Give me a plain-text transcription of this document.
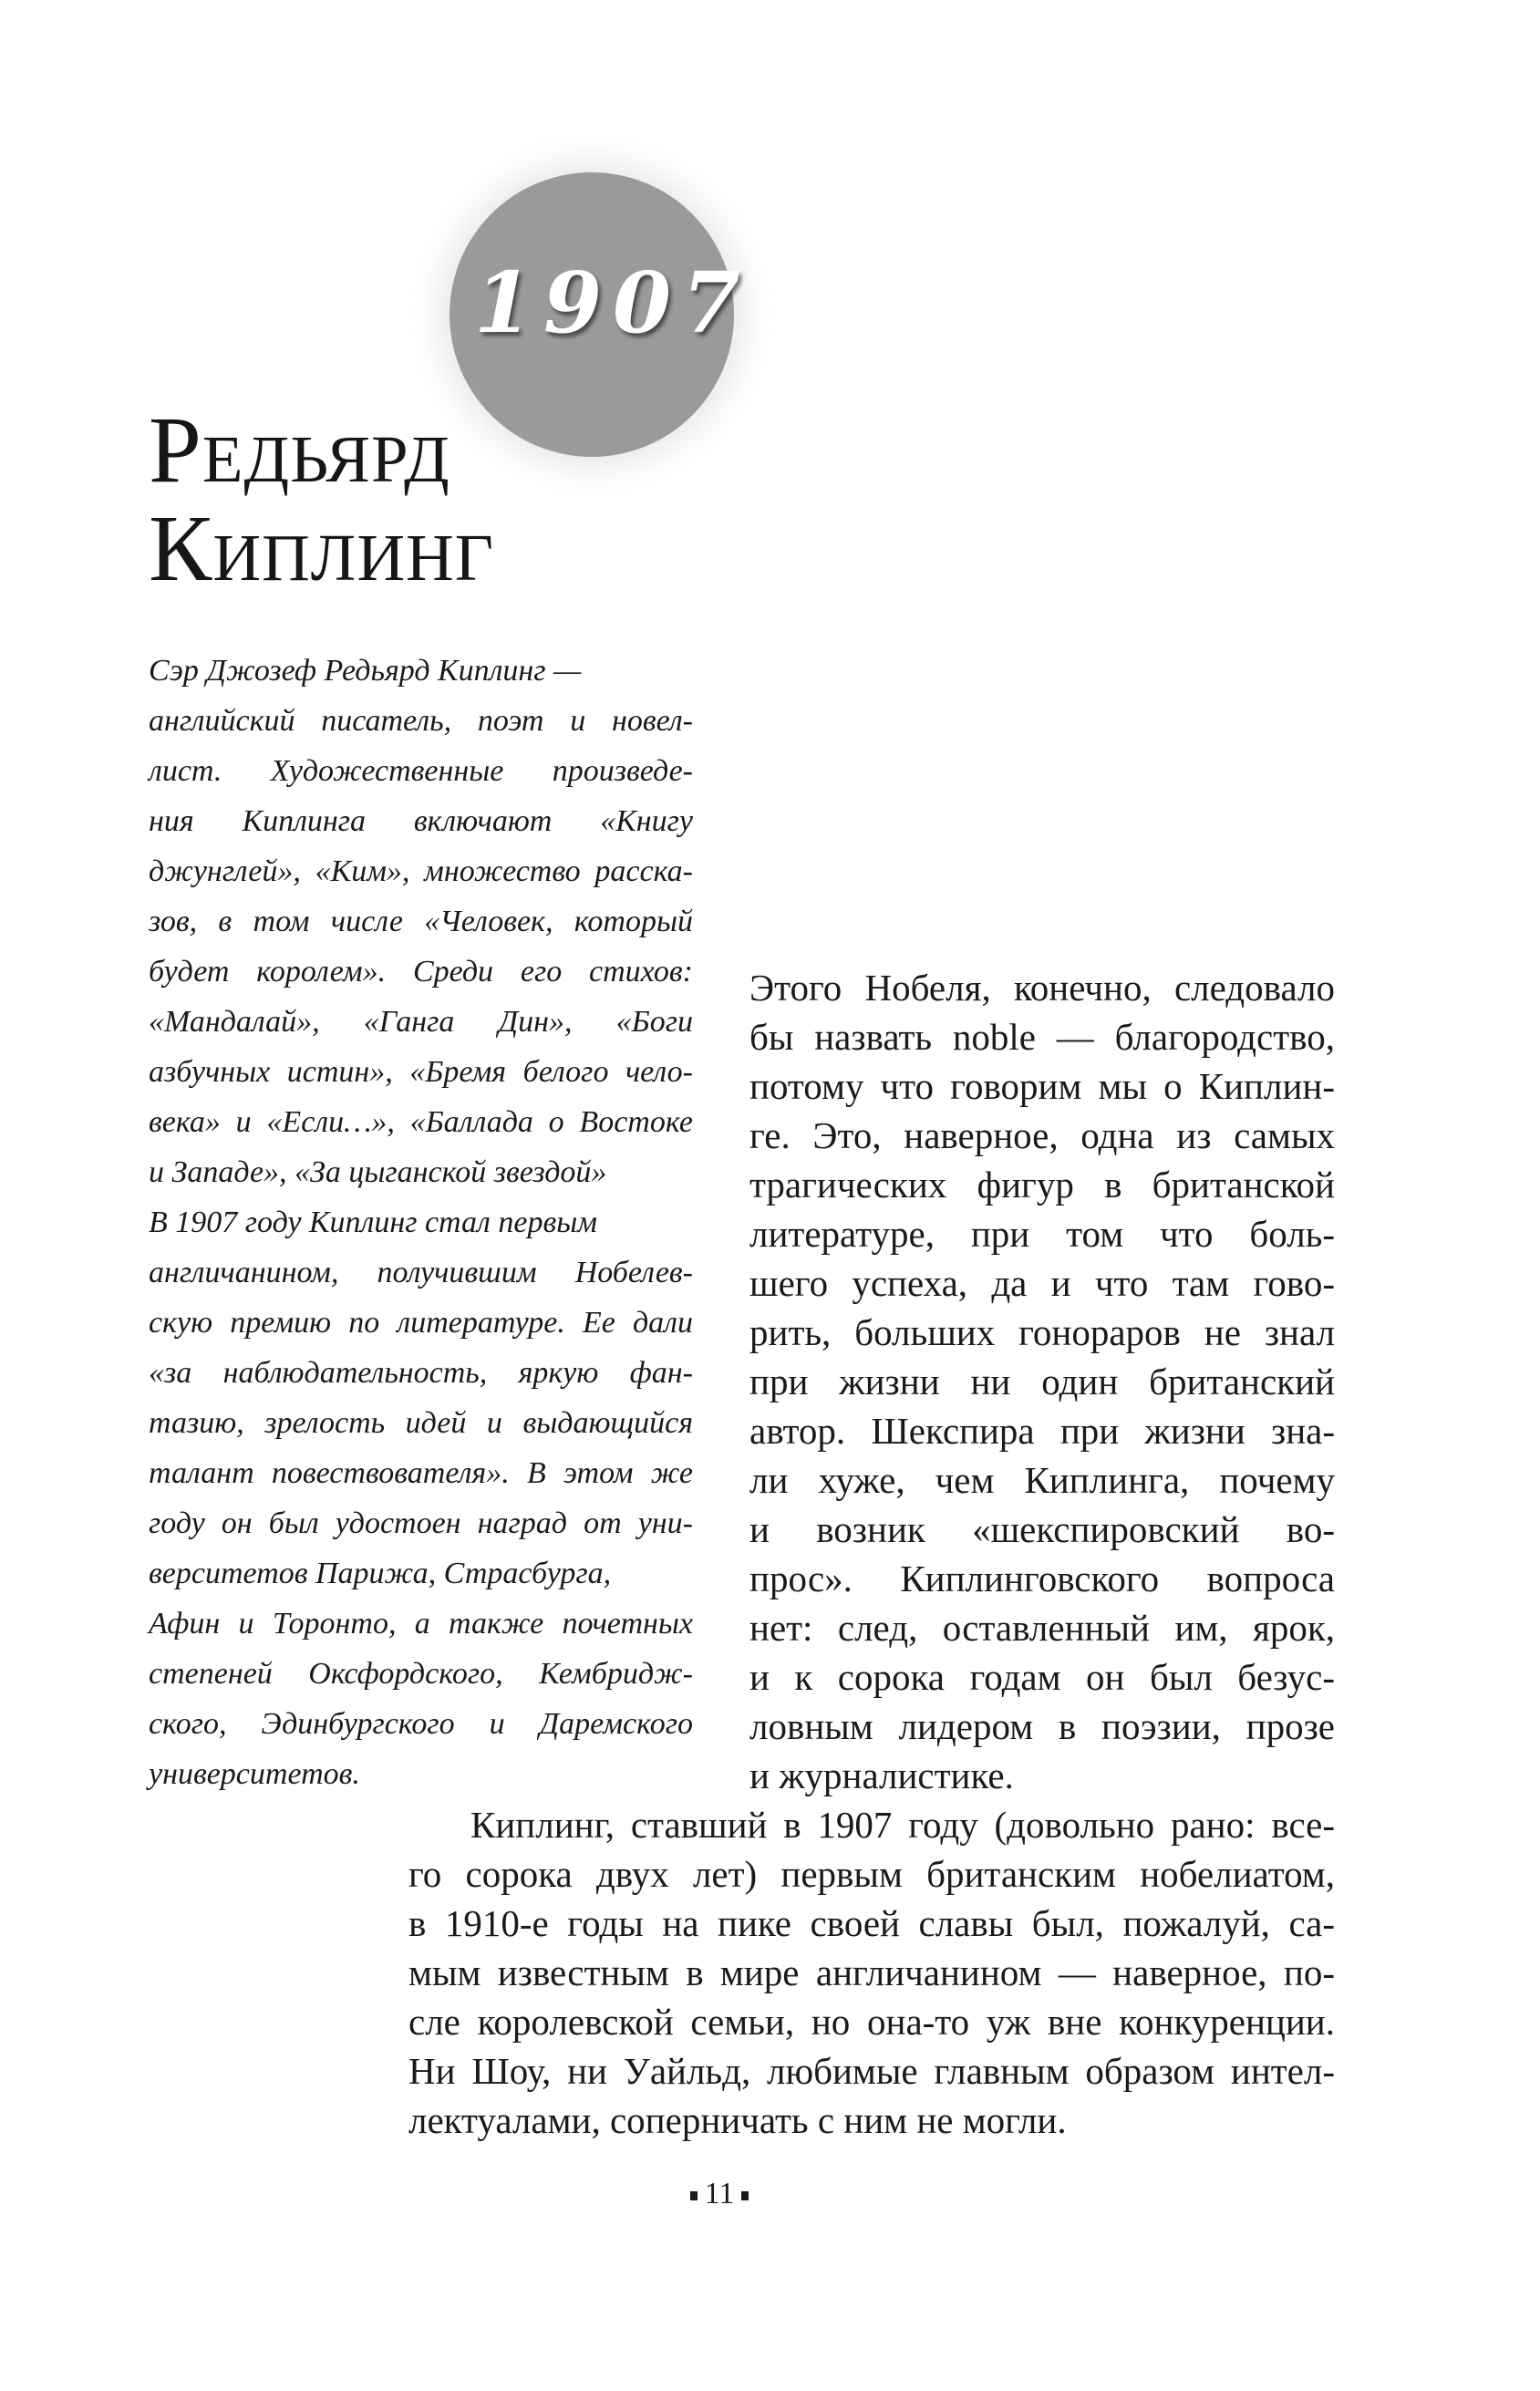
1907
Редьярд
Киплинг
Сэр Джозеф Редьярд Киплинг —
английский писатель, поэт и новел-
лист. Художественные произведе-
ния Киплинга включают «Книгу
джунглей», «Ким», множество расска-
зов, в том числе «Человек, который
будет королем». Среди его стихов:
«Мандалай», «Ганга Дин», «Боги
азбучных истин», «Бремя белого чело-
века» и «Если…», «Баллада о Востоке
и Западе», «За цыганской звездой»
В 1907 году Киплинг стал первым
англичанином, получившим Нобелев-
скую премию по литературе. Ее дали
«за наблюдательность, яркую фан-
тазию, зрелость идей и выдающийся
талант повествователя». В этом же
году он был удостоен наград от уни-
верситетов Парижа, Страсбурга,
Афин и Торонто, а также почетных
степеней Оксфордского, Кембридж-
ского, Эдинбургского и Даремского
университетов.
Этого Нобеля, конечно, следовало
бы назвать noble — благородство,
потому что говорим мы о Киплин-
ге. Это, наверное, одна из самых
трагических фигур в британской
литературе, при том что боль-
шего успеха, да и что там гово-
рить, больших гонораров не знал
при жизни ни один британский
автор. Шекспира при жизни зна-
ли хуже, чем Киплинга, почему
и возник «шекспировский во-
прос». Киплинговского вопроса
нет: след, оставленный им, ярок,
и к сорока годам он был безус-
ловным лидером в поэзии, прозе
и журналистике.
Киплинг, ставший в 1907 году (довольно рано: все-
го сорока двух лет) первым британским нобелиатом,
в 1910-е годы на пике своей славы был, пожалуй, са-
мым известным в мире англичанином — наверное, по-
сле королевской семьи, но она-то уж вне конкуренции.
Ни Шоу, ни Уайльд, любимые главным образом интел-
лектуалами, соперничать с ним не могли.
11
